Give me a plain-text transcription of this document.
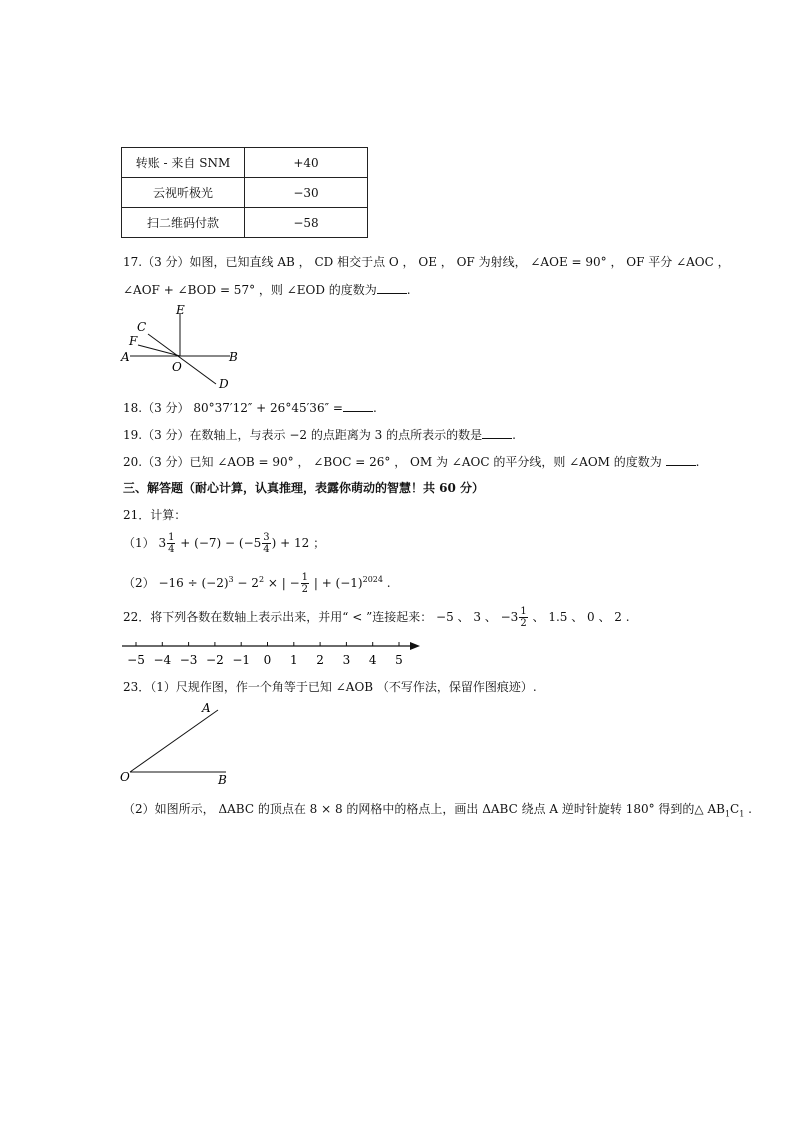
转账 - 来自 SNM	+40
云视听极光	−30
扫二维码付款	−58
17.（3 分）如图，已知直线 AB ， CD 相交于点 O ， OE ， OF 为射线， ∠AOE = 90° ， OF 平分 ∠AOC ，
∠AOF + ∠BOD = 57° ，则 ∠EOD 的度数为	.
E
C
F
A
O
B
D
18.（3 分） 80°37′12″ + 26°45′36″ =	.
19.（3 分）在数轴上，与表示 −2 的点距离为 3 的点所表示的数是	.
20.（3 分）已知 ∠AOB = 90° ， ∠BOC = 26° ， OM 为 ∠AOC 的平分线，则 ∠AOM 的度数为	.
三、解答题（耐心计算，认真推理，表露你萌动的智慧！共 60 分）
21．计算：
（1） $3 \frac{1}{4} + (-7) - (-5 \frac{3}{4}$ ) + 12 ；
$(2) -16 \div (-2)^3 - 2^2$ × | − $\frac{1}{2}$ | + $(-1)^{2024}$ .
22．将下列各数在数轴上表示出来，并用“ < ”连接起来： −5 、 3 、 $-3 \frac{1}{2}$ 、 1.5 、 0 、 2 .
−5 −4 −3 −2 −1 0 1 2 3 4 5
23．（1）尺规作图，作一个角等于已知 ∠AOB （不写作法，保留作图痕迹）.
A
O	B
（2）如图所示， ΔABC 的顶点在 8 × 8 的网格中的格点上，画出 ΔABC 绕点 A 逆时针旋转 180° 得到的△ $AB_1C_1$ .
